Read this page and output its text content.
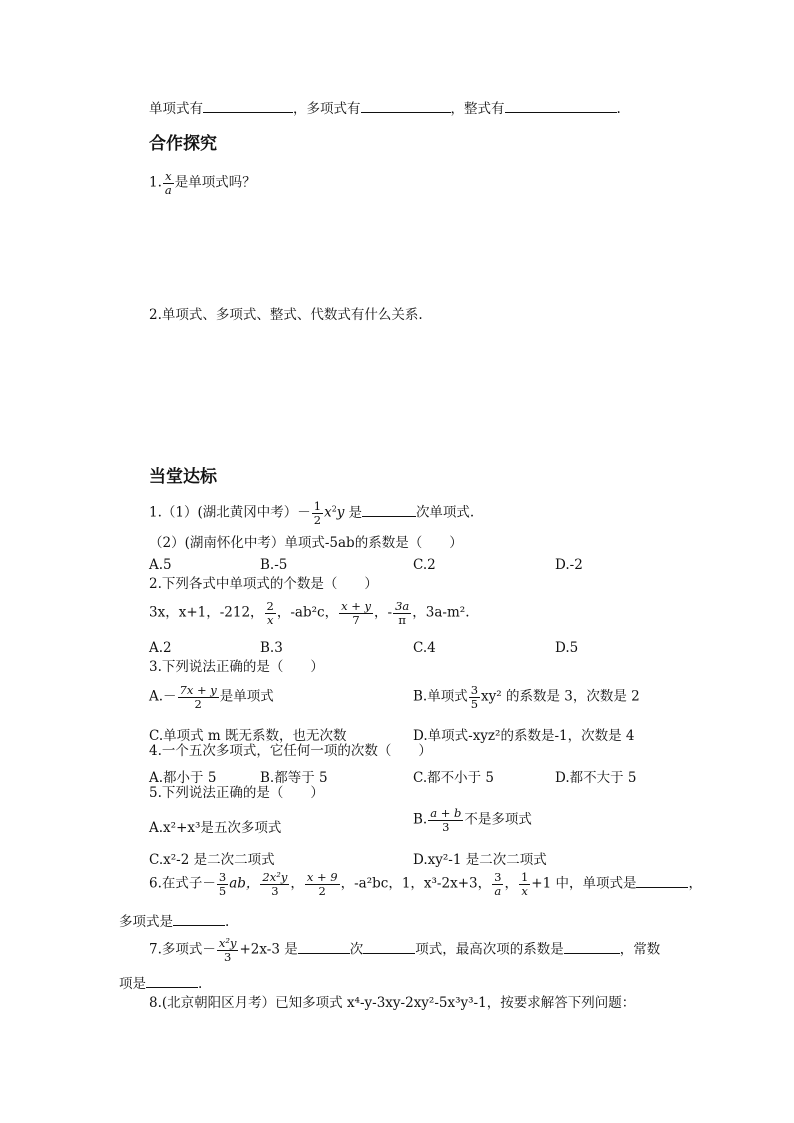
单项式有	，多项式有	，整式有	.
合作探究
1. $\frac{x}{a}$ 是单项式吗？
2.单项式、多项式、整式、代数式有什么关系.
当堂达标
1.（1）(湖北黄冈中考）－ $\frac{1}{2} x^2y$ 是	次单项式.
（2）(湖南怀化中考）单项式-5ab的系数是（　　）
A.5	B.-5	C.2	D.-2
2.下列各式中单项式的个数是（　　）
3x，x+1，-212， $\frac{2}{x}$ ，-ab²c， $\frac{x + y}{7}$ ，- $\frac{3a}{\pi}$ ，3a-m².
A.2	B.3	C.4	D.5
3.下列说法正确的是（　　）
$A.- \frac{7x + y}{2}$ 是单项式	B.单项式 $\frac{3}{5} xy^2$ 的系数是 3，次数是 2
C.单项式 m 既无系数，也无次数	D.单项式-xyz²的系数是-1，次数是 4
4.一个五次多项式，它任何一项的次数（　　）
A.都小于 5	B.都等于 5	C.都不小于 5	D.都不大于 5
5.下列说法正确的是（　　）
A.x²+x³是五次多项式
B. $\frac{a + b}{3}$ 不是多项式
C.x²-2 是二次二项式	D.xy²-1 是二次二项式
6.在式子－ $\frac{3}{5}$ ab， $\frac{\text{2x²y}}{3}$ ， $\frac{x + 9}{2}$ ，-a²bc，1，x³-2x+3， $\frac{3}{a}$ ， $\frac{1}{x} +1$ 中，单项式是	，
多项式是	.
7.多项式－ $\frac{\text{x²y}}{3} +2x-3$ 是	次	项式，最高次项的系数是	，常数
项是	.
8.(北京朝阳区月考）已知多项式 x⁴-y-3xy-2xy²-5x³y³-1，按要求解答下列问题：
